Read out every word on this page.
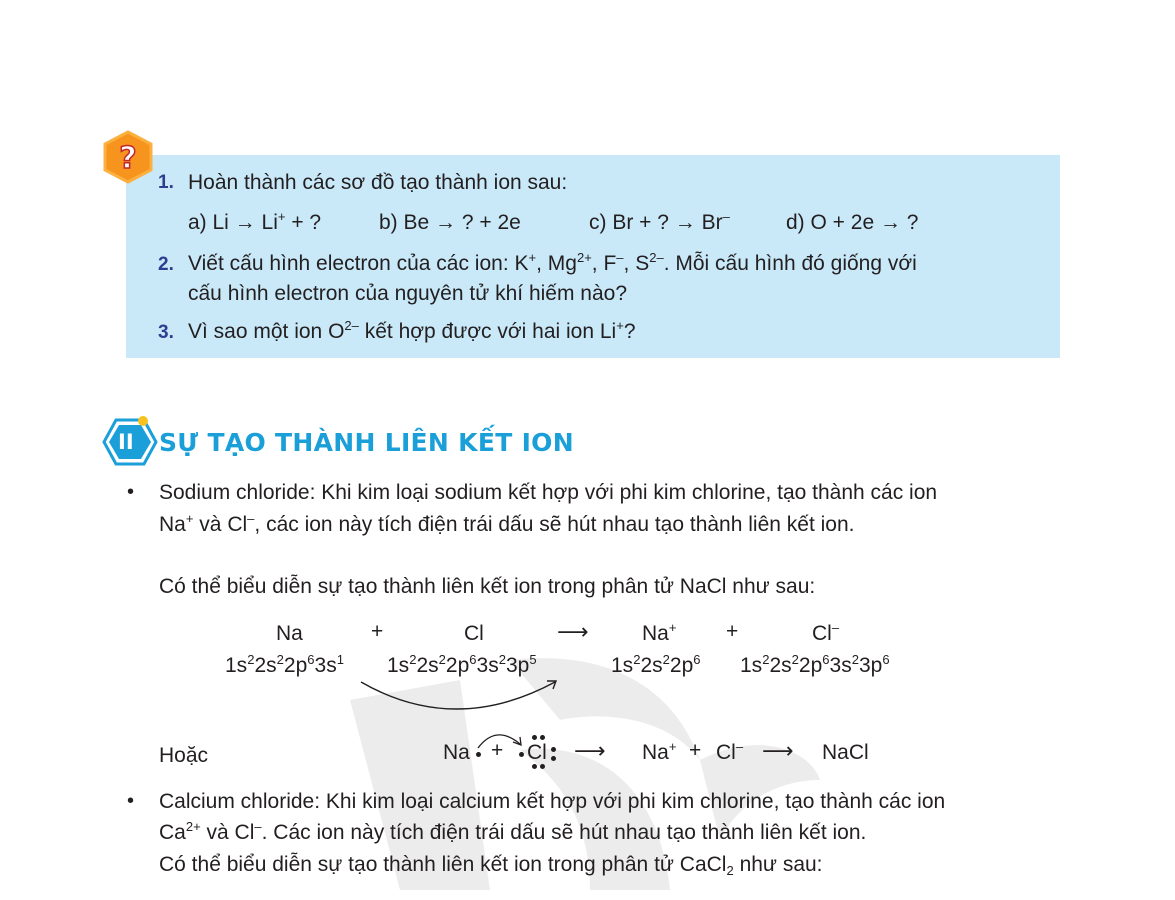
?
1. Hoàn thành các sơ đồ tạo thành ion sau:
a) Li → Li+ + ?	b) Be → ? + 2e	c) Br + ? → Br–	d) O + 2e → ?
2. Viết cấu hình electron của các ion: K+, $Mg^{2+}$, F–, $S^{2-}$. Mỗi cấu hình đó giống với
cấu hình electron của nguyên tử khí hiếm nào?
3. Vì sao một ion $O^{2-}$ kết hợp được với hai ion Li+?
II SỰ TẠO THÀNH LIÊN KẾT ION
• Sodium chloride: Khi kim loại sodium kết hợp với phi kim chlorine, tạo thành các ion
Na+ và Cl–, các ion này tích điện trái dấu sẽ hút nhau tạo thành liên kết ion.
Có thể biểu diễn sự tạo thành liên kết ion trong phân tử NaCl như sau:
Na	+	Cl	⟶	Na+ +	Cl–
$1s^22s^22p^63s^1$ $1s^22s^22p^63s^23p^5$	$1s^22s^22p^6$ $1s^22s^22p^63s^23p^6$
Hoặc	Na + Cl ⟶ Na+ + Cl– ⟶ NaCl
• Calcium chloride: Khi kim loại calcium kết hợp với phi kim chlorine, tạo thành các ion
$Ca^{2+}$ và Cl–. Các ion này tích điện trái dấu sẽ hút nhau tạo thành liên kết ion.
Có thể biểu diễn sự tạo thành liên kết ion trong phân tử CaCl$_2$ như sau:
